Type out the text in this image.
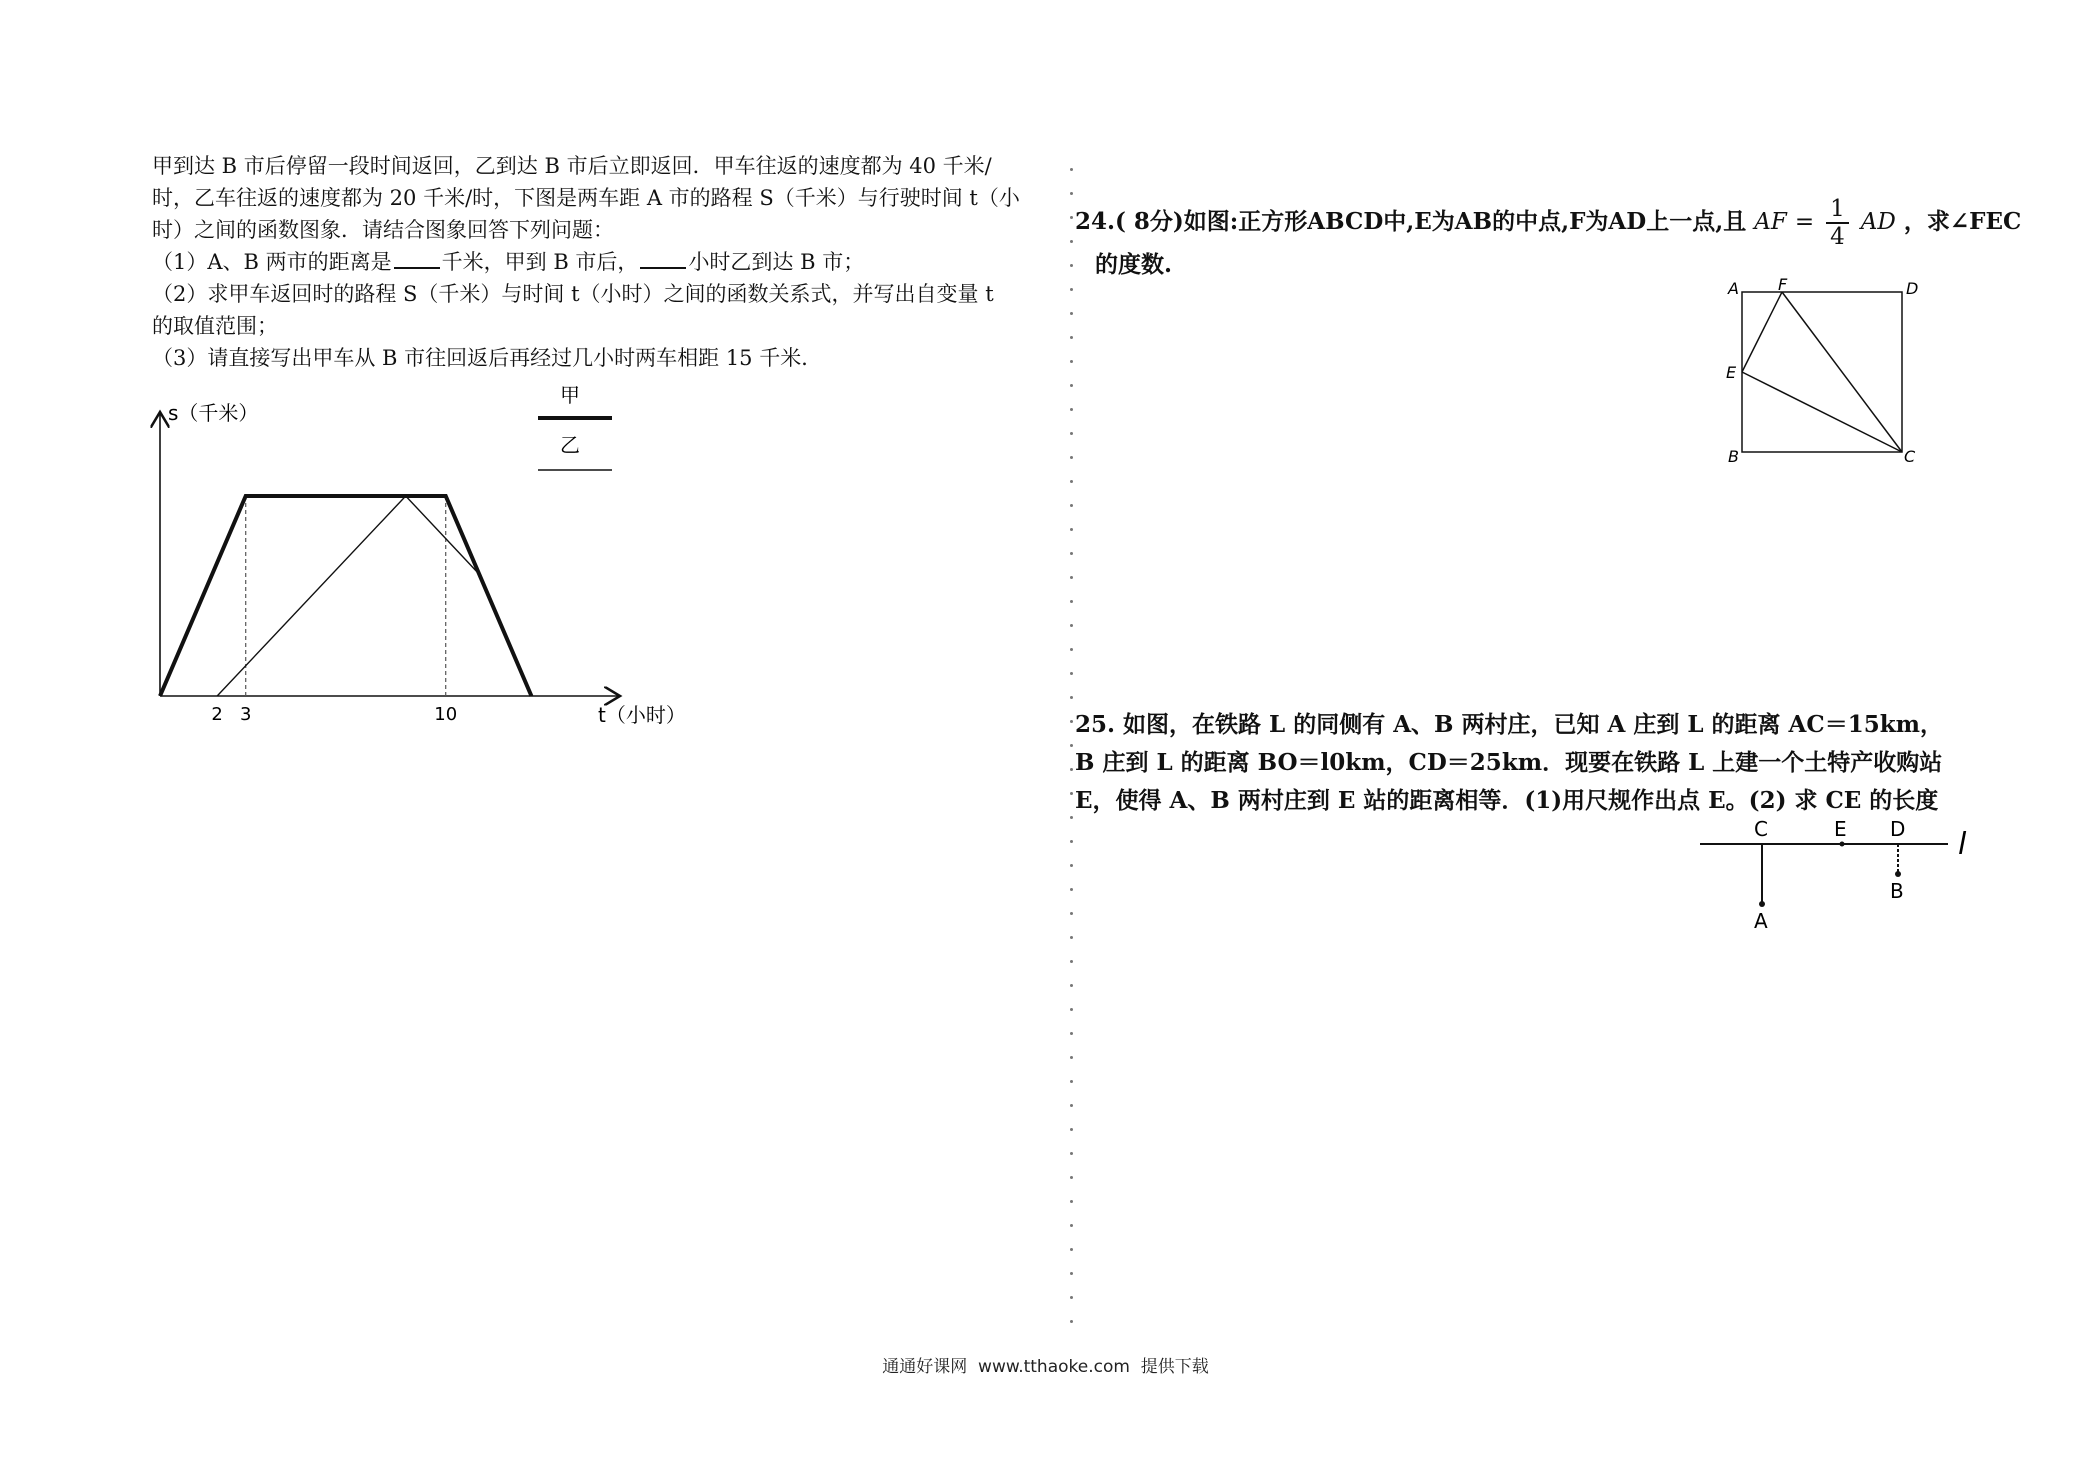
甲到达 B 市后停留一段时间返回，乙到达 B 市后立即返回．甲车往返的速度都为 40 千米/
时，乙车往返的速度都为 20 千米/时，下图是两车距 A 市的路程 S（千米）与行驶时间 t（小
时）之间的函数图象．请结合图象回答下列问题：
（1）A、B 两市的距离是 千米，甲到 B 市后， 小时乙到达 B 市；
（2）求甲车返回时的路程 S（千米）与时间 t（小时）之间的函数关系式，并写出自变量 t
的取值范围；
（3）请直接写出甲车从 B 市往回返后再经过几小时两车相距 15 千米．
s（千米）
t（小时）
2 3	10
甲
乙
24.( 8分)如图:正方形ABCD中,E为AB的中点,F为AD上一点,且 AF = $\frac{1}{4}$ AD ，求∠FEC
的度数.
A F	D
E
B	C
25. 如图，在铁路 L 的同侧有 A、B 两村庄，已知 A 庄到 L 的距离 AC＝15km，
B 庄到 L 的距离 BO＝l0km，CD＝25km．现要在铁路 L 上建一个土特产收购站
E，使得 A、B 两村庄到 E 站的距离相等．(1)用尺规作出点 E。(2) 求 CE 的长度
C	E D
A
B
l
通通好课网  www.tthaoke.com  提供下载
